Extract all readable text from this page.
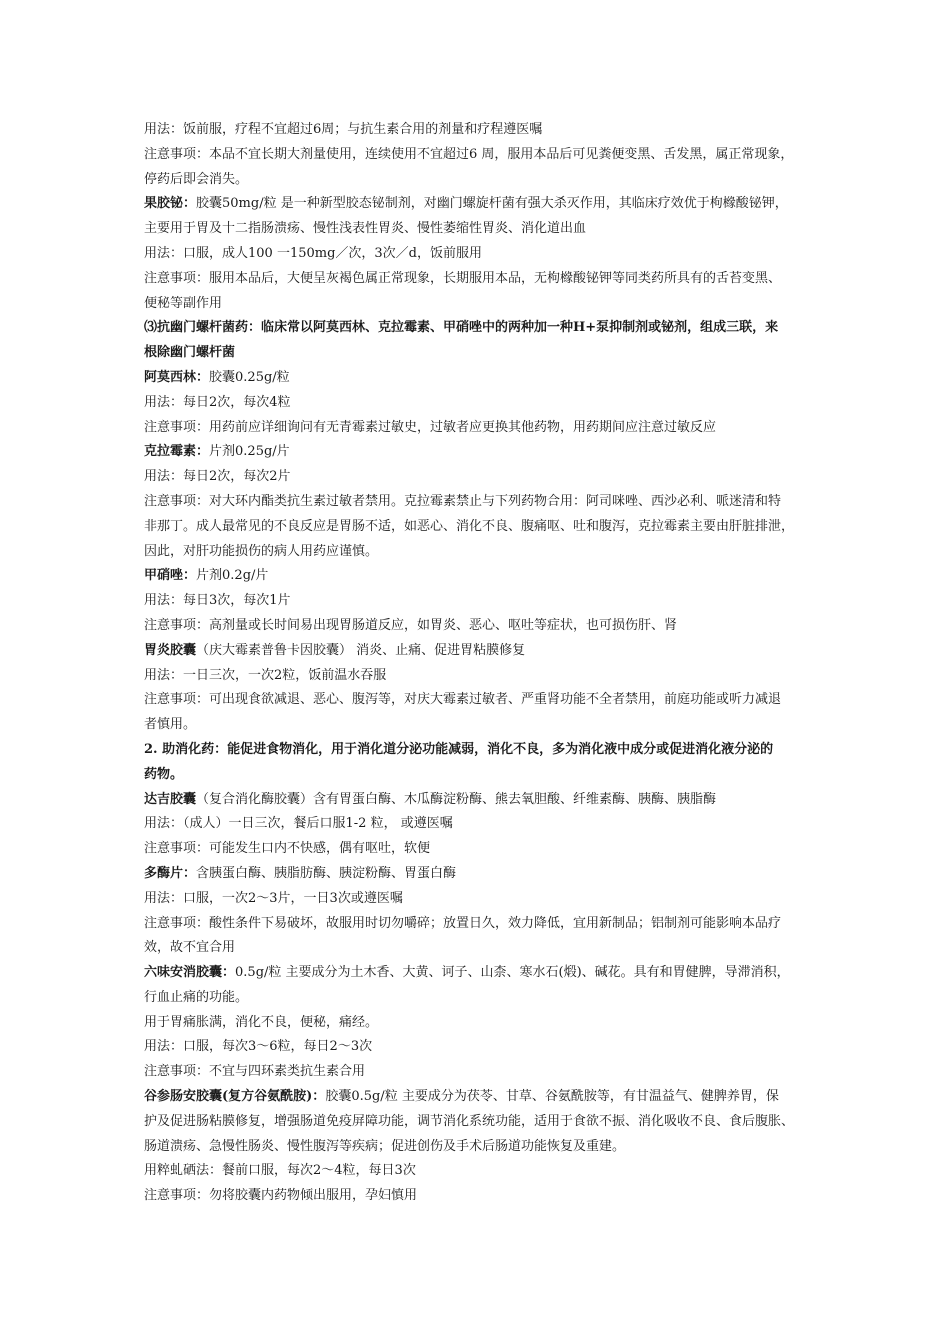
用法：饭前服，疗程不宜超过6周；与抗生素合用的剂量和疗程遵医嘱

注意事项：本品不宜长期大剂量使用，连续使用不宜超过6 周，服用本品后可见粪便变黑、舌发黑，属正常现象，

停药后即会消失。

果胶铋：胶囊50mg/粒 是一种新型胶态铋制剂，对幽门螺旋杆菌有强大杀灭作用，其临床疗效优于枸橼酸铋钾，

主要用于胃及十二指肠溃疡、慢性浅表性胃炎、慢性萎缩性胃炎、消化道出血

用法：口服，成人100 一150mg／次，3次／d，饭前服用

注意事项：服用本品后，大便呈灰褐色属正常现象，长期服用本品，无枸橼酸铋钾等同类药所具有的舌苔变黑、

便秘等副作用

⑶抗幽门螺杆菌药：临床常以阿莫西林、克拉霉素、甲硝唑中的两种加一种H+泵抑制剂或铋剂，组成三联，来

根除幽门螺杆菌

阿莫西林：胶囊0.25g/粒

用法：每日2次，每次4粒

注意事项：用药前应详细询问有无青霉素过敏史，过敏者应更换其他药物，用药期间应注意过敏反应

克拉霉素：片剂0.25g/片

用法：每日2次，每次2片

注意事项：对大环内酯类抗生素过敏者禁用。克拉霉素禁止与下列药物合用：阿司咪唑、西沙必利、哌迷清和特

非那丁。成人最常见的不良反应是胃肠不适，如恶心、消化不良、腹痛呕、吐和腹泻，克拉霉素主要由肝脏排泄，

因此，对肝功能损伤的病人用药应谨慎。

甲硝唑：片剂0.2g/片

用法：每日3次，每次1片

注意事项：高剂量或长时间易出现胃肠道反应，如胃炎、恶心、呕吐等症状，也可损伤肝、肾

胃炎胶囊（庆大霉素普鲁卡因胶囊） 消炎、止痛、促进胃粘膜修复

用法：一日三次，一次2粒，饭前温水吞服

注意事项：可出现食欲减退、恶心、腹泻等，对庆大霉素过敏者、严重肾功能不全者禁用，前庭功能或听力减退

者慎用。

2. 助消化药：能促进食物消化，用于消化道分泌功能减弱，消化不良，多为消化液中成分或促进消化液分泌的

药物。

达吉胶囊（复合消化酶胶囊）含有胃蛋白酶、木瓜酶淀粉酶、熊去氧胆酸、纤维素酶、胰酶、胰脂酶

用法：（成人）一日三次，餐后口服1-2 粒， 或遵医嘱

注意事项：可能发生口内不快感，偶有呕吐，软便

多酶片：含胰蛋白酶、胰脂肪酶、胰淀粉酶、胃蛋白酶

用法：口服，一次2～3片，一日3次或遵医嘱

注意事项：酸性条件下易破坏，故服用时切勿嚼碎；放置日久，效力降低，宜用新制品；铝制剂可能影响本品疗

效，故不宜合用

六味安消胶囊：0.5g/粒 主要成分为土木香、大黄、诃子、山柰、寒水石(煅)、碱花。具有和胃健脾，导滞消积，

行血止痛的功能。

用于胃痛胀满，消化不良，便秘，痛经。

用法：口服，每次3～6粒，每日2～3次

注意事项：不宜与四环素类抗生素合用

谷参肠安胶囊(复方谷氨酰胺)：胶囊0.5g/粒 主要成分为茯苓、甘草、谷氨酰胺等，有甘温益气、健脾养胃，保

护及促进肠粘膜修复，增强肠道免疫屏障功能，调节消化系统功能，适用于食欲不振、消化吸收不良、食后腹胀、

肠道溃疡、急慢性肠炎、慢性腹泻等疾病；促进创伤及手术后肠道功能恢复及重建。

用粹虬硒法：餐前口服，每次2～4粒，每日3次

注意事项：勿将胶囊内药物倾出服用，孕妇慎用
